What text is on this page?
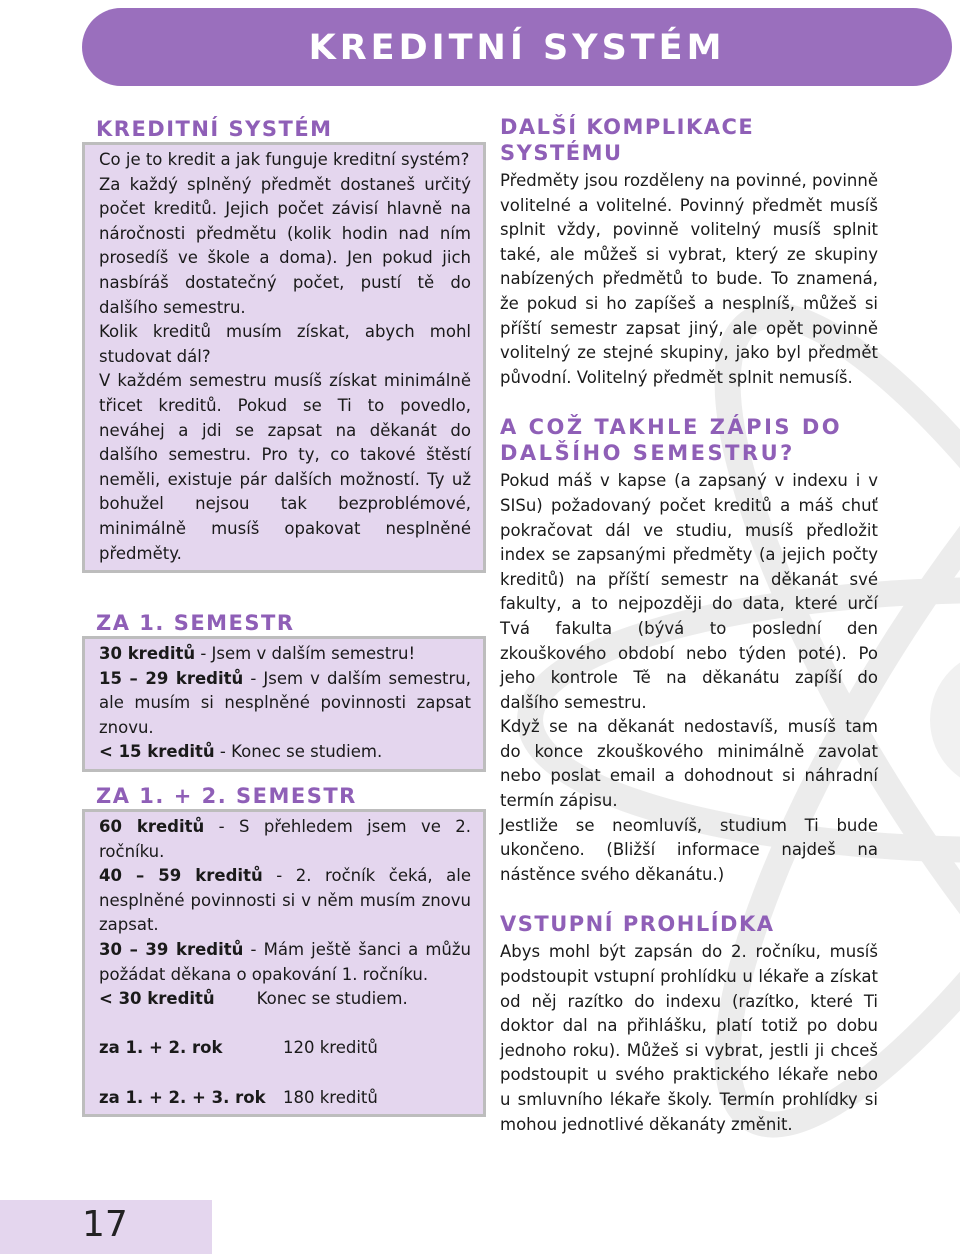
KREDITNÍ SYSTÉM
17
KREDITNÍ SYSTÉM

Co je to kredit a jak funguje kreditní systém?

Za každý splněný předmět dostaneš určitý počet kreditů. Jejich počet závisí hlavně na náročnosti předmětu (kolik hodin nad ním prosedíš ve škole a doma). Jen pokud jich nasbíráš dostatečný počet, pustí tě do dalšího semestru.

Kolik kreditů musím získat, abych mohl studovat dál?

V každém semestru musíš získat minimálně třicet kreditů. Pokud se Ti to povedlo, neváhej a jdi se zapsat na děkanát do dalšího semestru. Pro ty, co takové štěstí neměli, existuje pár dalších možností. Ty už bohužel nejsou tak bezproblémové, minimálně musíš opakovat nesplněné předměty.

ZA 1. SEMESTR

30 kreditů - Jsem v dalším semestru!

15 – 29 kreditů - Jsem v dalším semestru, ale musím si nesplněné povinnosti zapsat znovu.

< 15 kreditů - Konec se studiem.

ZA 1. + 2. SEMESTR

60 kreditů - S přehledem jsem ve 2. ročníku.

40 – 59 kreditů - 2. ročník čeká, ale nesplněné povinnosti si v něm musím znovu zapsat.

30 – 39 kreditů - Mám ještě šanci a můžu požádat děkana o opakování 1. ročníku.

< 30 kreditů        Konec se studiem.

za 1. + 2. rok	120 kreditů
za 1. + 2. + 3. rok	180 kreditů
DALŠÍ KOMPLIKACE SYSTÉMU

Předměty jsou rozděleny na povinné, povinně volitelné a volitelné. Povinný předmět musíš splnit vždy, povinně volitelný musíš splnit také, ale můžeš si vybrat, který ze skupiny nabízených předmětů to bude. To znamená, že pokud si ho zapíšeš a nesplníš, můžeš si příští semestr zapsat jiný, ale opět povinně volitelný ze stejné skupiny, jako byl předmět původní. Volitelný předmět splnit nemusíš.

A COŽ TAKHLE ZÁPIS DO DALŠÍHO SEMESTRU?

Pokud máš v kapse (a zapsaný v indexu i v SISu) požadovaný počet kreditů a máš chuť pokračovat dál ve studiu, musíš předložit index se zapsanými předměty (a jejich počty kreditů) na příští semestr na děkanát své fakulty, a to nejpozději do data, které určí Tvá fakulta (bývá to poslední den zkouškového období nebo týden poté). Po jeho kontrole Tě na děkanátu zapíší do dalšího semestru.

Když se na děkanát nedostavíš, musíš tam do konce zkouškového minimálně zavolat nebo poslat email a dohodnout si náhradní termín zápisu.

Jestliže se neomluvíš, studium Ti bude ukončeno. (Bližší informace najdeš na nástěnce svého děkanátu.)

VSTUPNÍ PROHLÍDKA

Abys mohl být zapsán do 2. ročníku, musíš podstoupit vstupní prohlídku u lékaře a získat od něj razítko do indexu (razítko, které Ti doktor dal na přihlášku, platí totiž po dobu jednoho roku). Můžeš si vybrat, jestli ji chceš podstoupit u svého praktického lékaře nebo u smluvního lékaře školy. Termín prohlídky si mohou jednotlivé děkanáty změnit.
